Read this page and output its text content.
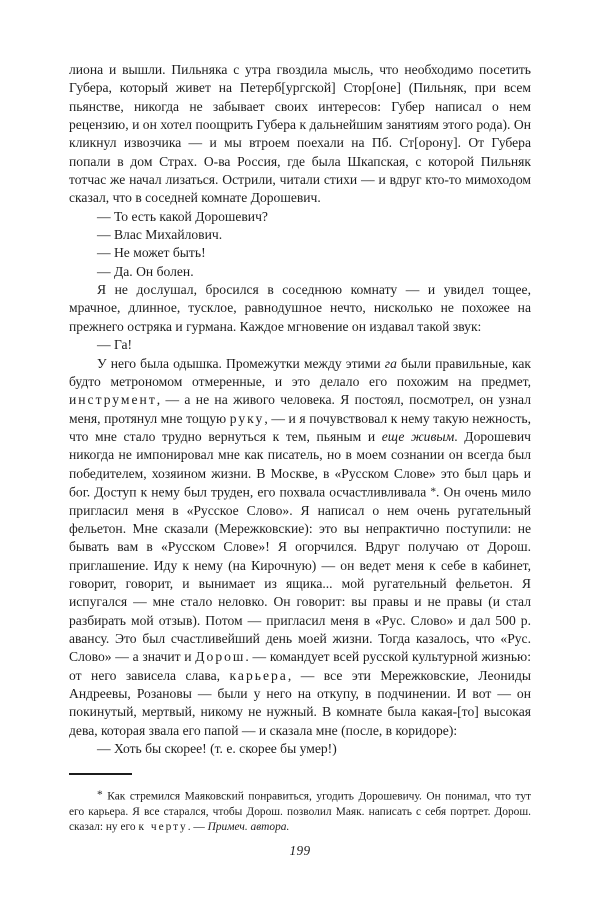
лиона и вышли. Пильняка с утра гвоздила мысль, что необходимо посетить Губера, который живет на Петерб[ургской] Стор[оне] (Пильняк, при всем пьянстве, никогда не забывает своих интересов: Губер написал о нем рецензию, и он хотел поощрить Губера к дальнейшим занятиям этого рода). Он кликнул извозчика — и мы втроем поехали на Пб. Ст[орону]. От Губера попали в дом Страх. О-ва Россия, где была Шкапская, с которой Пильняк тотчас же начал лизаться. Острили, читали стихи — и вдруг кто-то мимоходом сказал, что в соседней комнате Дорошевич.

— То есть какой Дорошевич?

— Влас Михайлович.

— Не может быть!

— Да. Он болен.

Я не дослушал, бросился в соседнюю комнату — и увидел тощее, мрачное, длинное, тусклое, равнодушное нечто, нисколько не похожее на прежнего остряка и гурмана. Каждое мгновение он издавал такой звук:

— Га!

У него была одышка. Промежутки между этими га были правильные, как будто метрономом отмеренные, и это делало его похожим на предмет, инструмент, — а не на живого человека. Я постоял, посмотрел, он узнал меня, протянул мне тощую руку, — и я почувствовал к нему такую нежность, что мне стало трудно вернуться к тем, пьяным и еще живым. Дорошевич никогда не импонировал мне как писатель, но в моем сознании он всегда был победителем, хозяином жизни. В Москве, в «Русском Слове» это был царь и бог. Доступ к нему был труден, его похвала осчастливливала *. Он очень мило пригласил меня в «Русское Слово». Я написал о нем очень ругательный фельетон. Мне сказали (Мережковские): это вы непрактично поступили: не бывать вам в «Русском Слове»! Я огорчился. Вдруг получаю от Дорош. приглашение. Иду к нему (на Кирочную) — он ведет меня к себе в кабинет, говорит, говорит, и вынимает из ящика... мой ругательный фельетон. Я испугался — мне стало неловко. Он говорит: вы правы и не правы (и стал разбирать мой отзыв). Потом — пригласил меня в «Рус. Слово» и дал 500 р. авансу. Это был счастливейший день моей жизни. Тогда казалось, что «Рус. Слово» — а значит и Дорош. — командует всей русской культурной жизнью: от него зависела слава, карьера, — все эти Мережковские, Леониды Андреевы, Розановы — были у него на откупу, в подчинении. И вот — он покинутый, мертвый, никому не нужный. В комнате была какая-[то] высокая дева, которая звала его папой — и сказала мне (после, в коридоре):

— Хоть бы скорее! (т. е. скорее бы умер!)

* Как стремился Маяковский понравиться, угодить Дорошевичу. Он понимал, что тут его карьера. Я все старался, чтобы Дорош. позволил Маяк. написать с себя портрет. Дорош. сказал: ну его к черту. — Примеч. автора.

199
